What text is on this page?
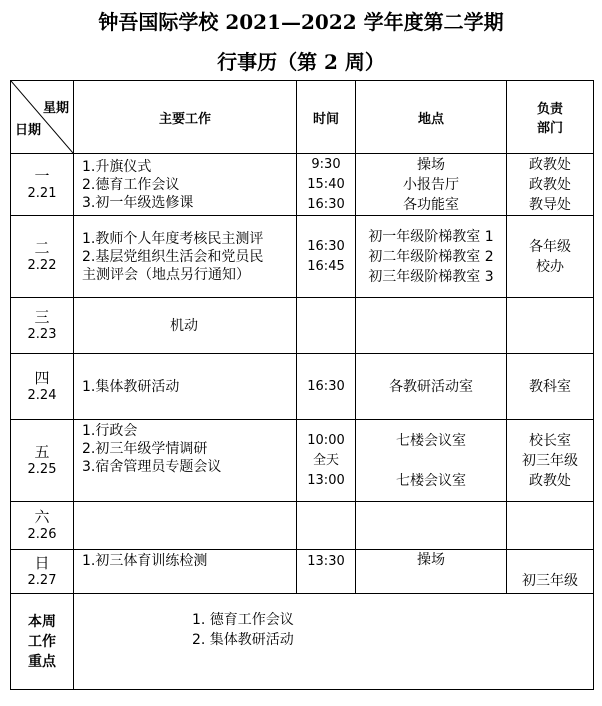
钟吾国际学校 2021—2022 学年度第二学期
行事历（第 2 周）
星期
日期	主要工作	时间	地点	负责
部门

一
2.21	1.升旗仪式
2.德育工作会议
3.初一年级选修课	9:30
15:40
16:30	操场
小报告厅
各功能室	政教处
政教处
教导处

二
2.22	1.教师个人年度考核民主测评
2.基层党组织生活会和党员民
主测评会（地点另行通知）	16:30
16:45	初一年级阶梯教室 1
初二年级阶梯教室 2
初三年级阶梯教室 3	各年级
校办

三
2.23	机动			

四
2.24	1.集体教研活动	16:30	各教研活动室	教科室

五
2.25	1.行政会
2.初三年级学情调研
3.宿舍管理员专题会议	10:00
全天
13:00	七楼会议室
七楼会议室	校长室
初三年级
政教处

六
2.26				

日
2.27	1.初三体育训练检测	13:30	操场	初三年级

本周
工作
重点	1. 德育工作会议
2. 集体教研活动			
